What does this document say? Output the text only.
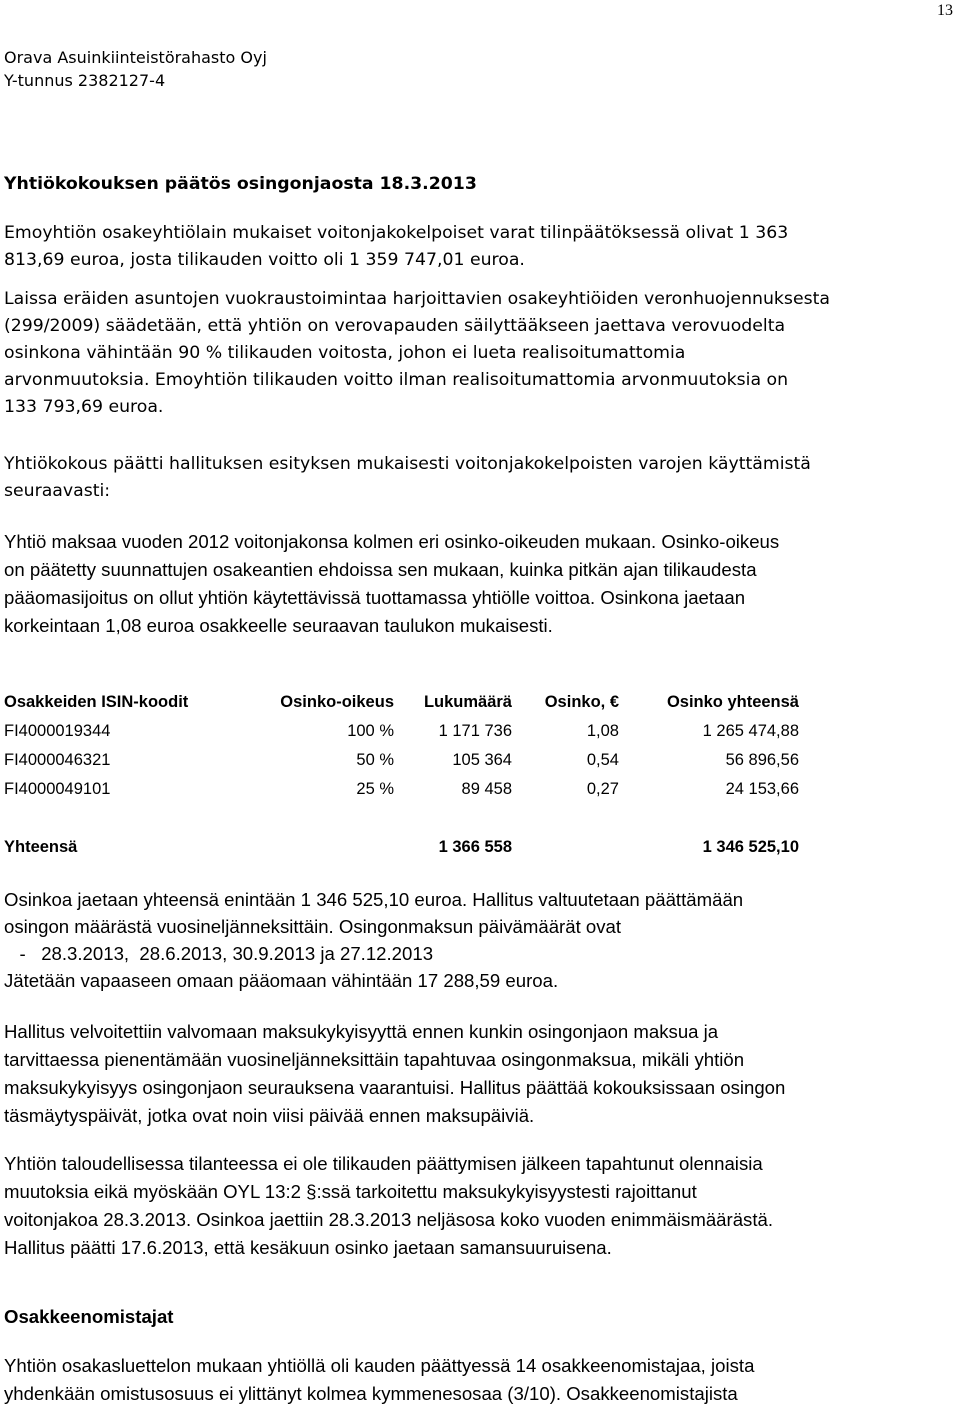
13
Orava Asuinkiinteistörahasto Oyj
Y-tunnus 2382127-4
Yhtiökokouksen päätös osingonjaosta 18.3.2013
Emoyhtiön osakeyhtiölain mukaiset voitonjakokelpoiset varat tilinpäätöksessä olivat 1 363
813,69 euroa, josta tilikauden voitto oli 1 359 747,01 euroa.
Laissa eräiden asuntojen vuokraustoimintaa harjoittavien osakeyhtiöiden veronhuojennuksesta
(299/2009) säädetään, että yhtiön on verovapauden säilyttääkseen jaettava verovuodelta
osinkona vähintään 90 % tilikauden voitosta, johon ei lueta realisoitumattomia
arvonmuutoksia. Emoyhtiön tilikauden voitto ilman realisoitumattomia arvonmuutoksia on
133 793,69 euroa.
Yhtiökokous päätti hallituksen esityksen mukaisesti voitonjakokelpoisten varojen käyttämistä
seuraavasti:
Yhtiö maksaa vuoden 2012 voitonjakonsa kolmen eri osinko-oikeuden mukaan. Osinko-oikeus
on päätetty suunnattujen osakeantien ehdoissa sen mukaan, kuinka pitkän ajan tilikaudesta
pääomasijoitus on ollut yhtiön käytettävissä tuottamassa yhtiölle voittoa. Osinkona jaetaan
korkeintaan 1,08 euroa osakkeelle seuraavan taulukon mukaisesti.
Osakkeiden ISIN-koodit	Osinko-oikeus	Lukumäärä	Osinko, €	Osinko yhteensä
FI4000019344	100 %	1 171 736	1,08	1 265 474,88
FI4000046321	50 %	105 364	0,54	56 896,56
FI4000049101	25 %	89 458	0,27	24 153,66

Yhteensä		1 366 558		1 346 525,10
Osinkoa jaetaan yhteensä enintään 1 346 525,10 euroa. Hallitus valtuutetaan päättämään
osingon määrästä vuosineljänneksittäin. Osingonmaksun päivämäärät ovat
-   28.3.2013,  28.6.2013, 30.9.2013 ja 27.12.2013
Jätetään vapaaseen omaan pääomaan vähintään 17 288,59 euroa.
Hallitus velvoitettiin valvomaan maksukykyisyyttä ennen kunkin osingonjaon maksua ja
tarvittaessa pienentämään vuosineljänneksittäin tapahtuvaa osingonmaksua, mikäli yhtiön
maksukykyisyys osingonjaon seurauksena vaarantuisi. Hallitus päättää kokouksissaan osingon
täsmäytyspäivät, jotka ovat noin viisi päivää ennen maksupäiviä.
Yhtiön taloudellisessa tilanteessa ei ole tilikauden päättymisen jälkeen tapahtunut olennaisia
muutoksia eikä myöskään OYL 13:2 §:ssä tarkoitettu maksukykyisyystesti rajoittanut
voitonjakoa 28.3.2013. Osinkoa jaettiin 28.3.2013 neljäsosa koko vuoden enimmäismäärästä.
Hallitus päätti 17.6.2013, että kesäkuun osinko jaetaan samansuuruisena.
Osakkeenomistajat
Yhtiön osakasluettelon mukaan yhtiöllä oli kauden päättyessä 14 osakkeenomistajaa, joista
yhdenkään omistusosuus ei ylittänyt kolmea kymmenesosaa (3/10). Osakkeenomistajista
